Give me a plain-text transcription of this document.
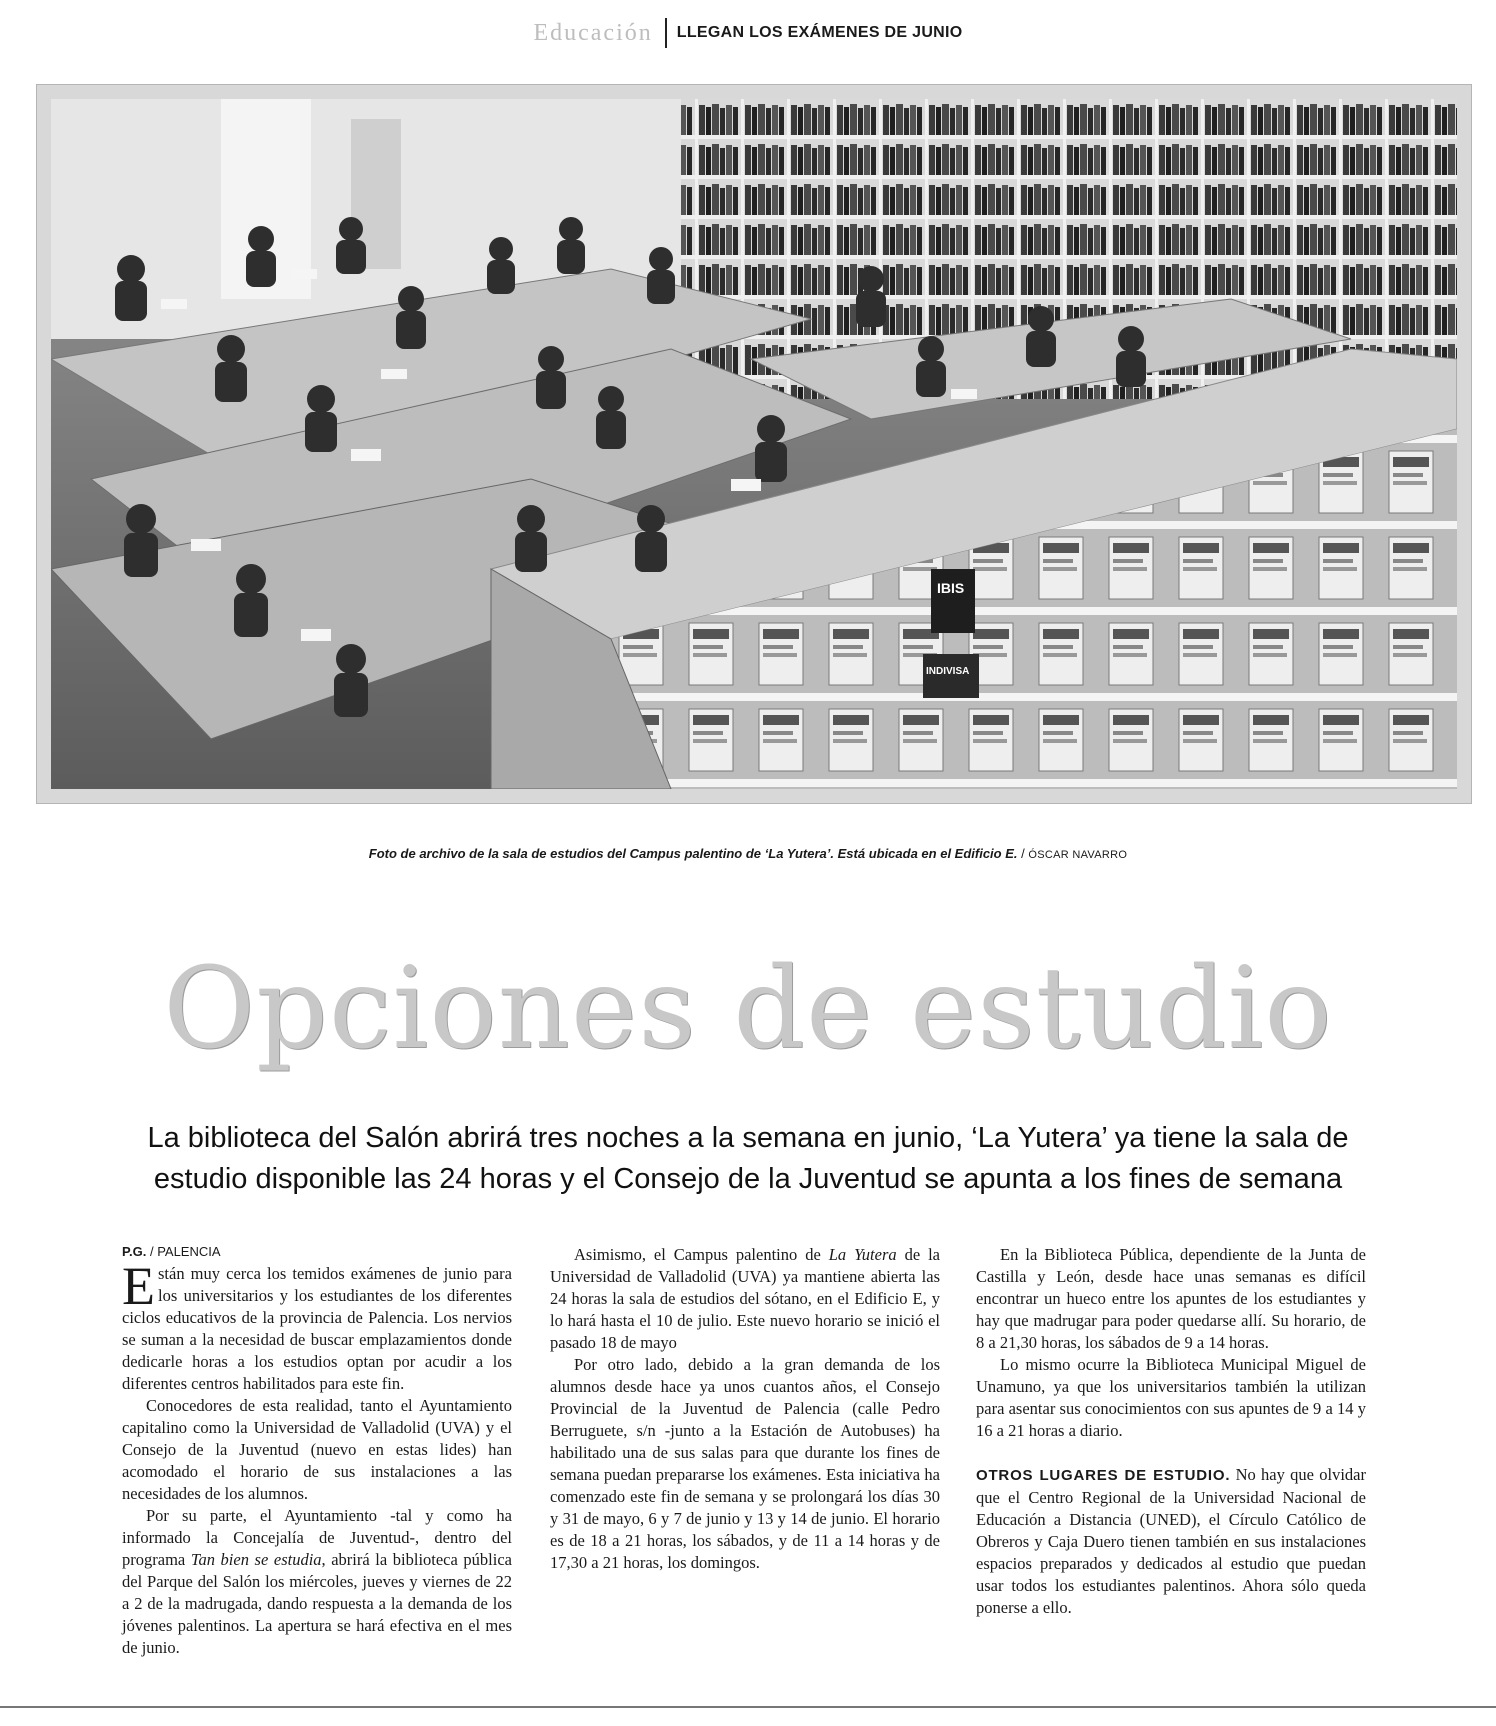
Educación LLEGAN LOS EXÁMENES DE JUNIO
IBIS
INDIVISA
Foto de archivo de la sala de estudios del Campus palentino de ‘La Yutera’. Está ubicada en el Edificio E. / ÓSCAR NAVARRO
Opciones de estudio
La biblioteca del Salón abrirá tres noches a la semana en junio, ‘La Yutera’ ya tiene la sala de estudio disponible las 24 horas y el Consejo de la Juventud se apunta a los fines de semana
P.G. / PALENCIA

Están muy cerca los temidos exámenes de junio para los universitarios y los estudiantes de los diferentes ciclos educativos de la provincia de Palencia. Los nervios se suman a la necesidad de buscar emplazamientos donde dedicarle horas a los estudios optan por acudir a los diferentes centros habilitados para este fin.

Conocedores de esta realidad, tanto el Ayuntamiento capitalino como la Universidad de Valladolid (UVA) y el Consejo de la Juventud (nuevo en estas lides) han acomodado el horario de sus instalaciones a las necesidades de los alumnos.

Por su parte, el Ayuntamiento -tal y como ha informado la Concejalía de Juventud-, dentro del programa Tan bien se estudia, abrirá la biblioteca pública del Parque del Salón los miércoles, jueves y viernes de 22 a 2 de la madrugada, dando respuesta a la demanda de los jóvenes palentinos. La apertura se hará efectiva en el mes de junio.

Asimismo, el Campus palentino de La Yutera de la Universidad de Valladolid (UVA) ya mantiene abierta las 24 horas la sala de estudios del sótano, en el Edificio E, y lo hará hasta el 10 de julio. Este nuevo horario se inició el pasado 18 de mayo

Por otro lado, debido a la gran demanda de los alumnos desde hace ya unos cuantos años, el Consejo Provincial de la Juventud de Palencia (calle Pedro Berruguete, s/n -junto a la Estación de Autobuses) ha habilitado una de sus salas para que durante los fines de semana puedan prepararse los exámenes. Esta iniciativa ha comenzado este fin de semana y se prolongará los días 30 y 31 de mayo, 6 y 7 de junio y 13 y 14 de junio. El horario es de 18 a 21 horas, los sábados, y de 11 a 14 horas y de 17,30 a 21 horas, los domingos.

En la Biblioteca Pública, dependiente de la Junta de Castilla y León, desde hace unas semanas es difícil encontrar un hueco entre los apuntes de los estudiantes y hay que madrugar para poder quedarse allí. Su horario, de 8 a 21,30 horas, los sábados de 9 a 14 horas.

Lo mismo ocurre la Biblioteca Municipal Miguel de Unamuno, ya que los universitarios también la utilizan para asentar sus conocimientos con sus apuntes de 9 a 14 y 16 a 21 horas a diario.

OTROS LUGARES DE ESTUDIO. No hay que olvidar que el Centro Regional de la Universidad Nacional de Educación a Distancia (UNED), el Círculo Católico de Obreros y Caja Duero tienen también en sus instalaciones espacios preparados y dedicados al estudio que puedan usar todos los estudiantes palentinos. Ahora sólo queda ponerse a ello.
